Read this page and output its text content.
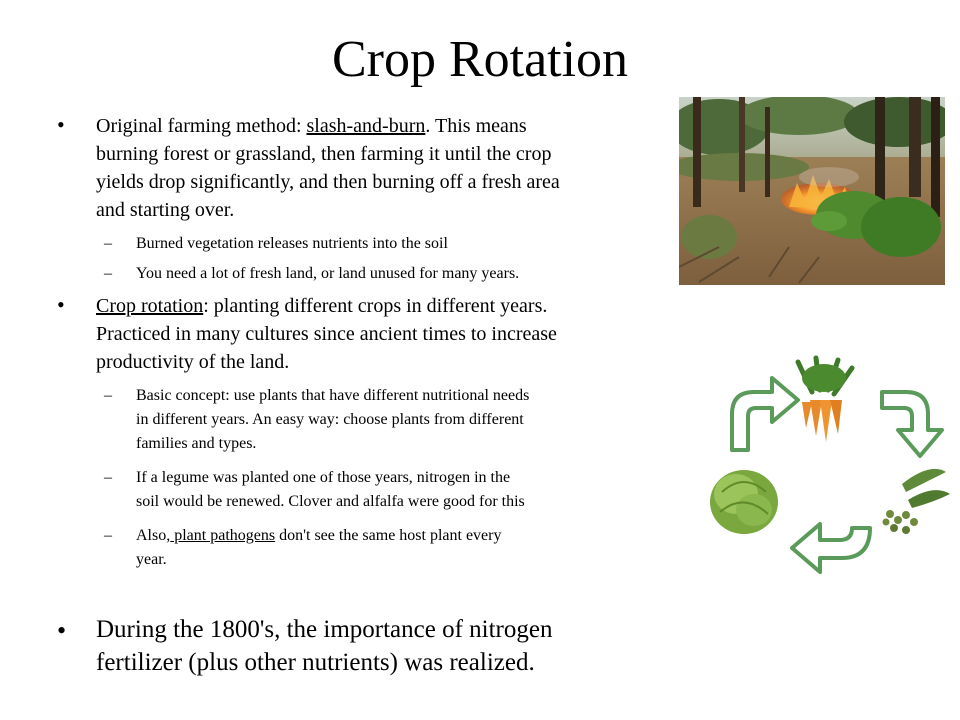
Crop Rotation
• Original farming method: slash-and-burn. This means
burning forest or grassland, then farming it until the crop
yields drop significantly, and then burning off a fresh area
and starting over.
– Burned vegetation releases nutrients into the soil
– You need a lot of fresh land, or land unused for many years.
• Crop rotation: planting different crops in different years.
Practiced in many cultures since ancient times to increase
productivity of the land.
– Basic concept: use plants that have different nutritional needs
in different years. An easy way: choose plants from different
families and types.
– If a legume was planted one of those years, nitrogen in the
soil would be renewed. Clover and alfalfa were good for this
– Also, plant pathogens don't see the same host plant every
year.
• During the 1800's, the importance of nitrogen
fertilizer (plus other nutrients) was realized.
